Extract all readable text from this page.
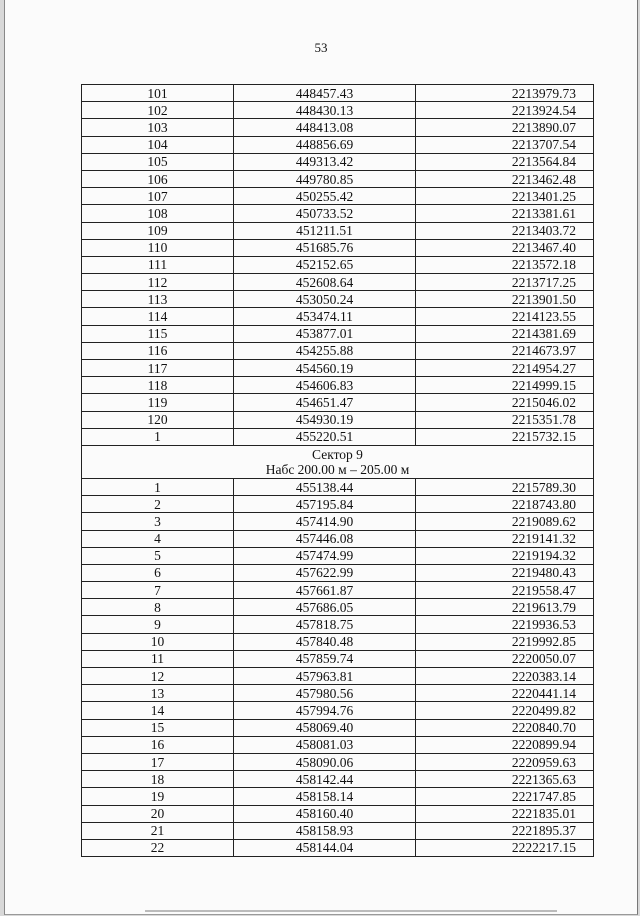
53
101	448457.43	2213979.73
102	448430.13	2213924.54
103	448413.08	2213890.07
104	448856.69	2213707.54
105	449313.42	2213564.84
106	449780.85	2213462.48
107	450255.42	2213401.25
108	450733.52	2213381.61
109	451211.51	2213403.72
110	451685.76	2213467.40
111	452152.65	2213572.18
112	452608.64	2213717.25
113	453050.24	2213901.50
114	453474.11	2214123.55
115	453877.01	2214381.69
116	454255.88	2214673.97
117	454560.19	2214954.27
118	454606.83	2214999.15
119	454651.47	2215046.02
120	454930.19	2215351.78
1	455220.51	2215732.15

Сектор 9
Набс 200.00 м – 205.00 м		

1	455138.44	2215789.30
2	457195.84	2218743.80
3	457414.90	2219089.62
4	457446.08	2219141.32
5	457474.99	2219194.32
6	457622.99	2219480.43
7	457661.87	2219558.47
8	457686.05	2219613.79
9	457818.75	2219936.53
10	457840.48	2219992.85
11	457859.74	2220050.07
12	457963.81	2220383.14
13	457980.56	2220441.14
14	457994.76	2220499.82
15	458069.40	2220840.70
16	458081.03	2220899.94
17	458090.06	2220959.63
18	458142.44	2221365.63
19	458158.14	2221747.85
20	458160.40	2221835.01
21	458158.93	2221895.37
22	458144.04	2222217.15
